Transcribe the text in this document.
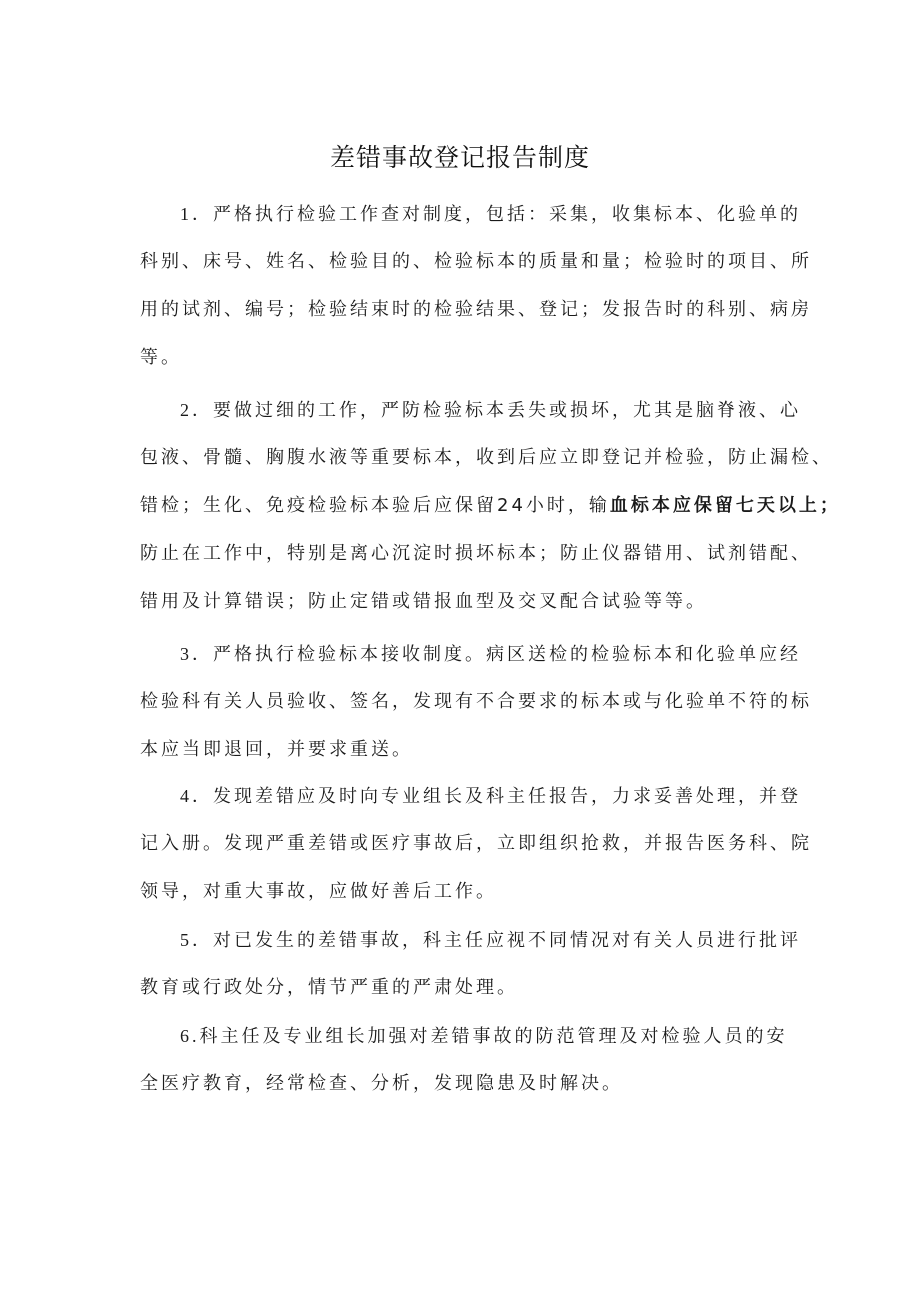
差错事故登记报告制度
1．严格执行检验工作查对制度，包括：采集，收集标本、化验单的
科别、床号、姓名、检验目的、检验标本的质量和量；检验时的项目、所
用的试剂、编号；检验结束时的检验结果、登记；发报告时的科别、病房
等。
2．要做过细的工作，严防检验标本丢失或损坏，尤其是脑脊液、心
包液、骨髓、胸腹水液等重要标本，收到后应立即登记并检验，防止漏检、
错检；生化、免疫检验标本验后应保留24小时，输血标本应保留七天以上；
防止在工作中，特别是离心沉淀时损坏标本；防止仪器错用、试剂错配、
错用及计算错误；防止定错或错报血型及交叉配合试验等等。
3．严格执行检验标本接收制度。病区送检的检验标本和化验单应经
检验科有关人员验收、签名，发现有不合要求的标本或与化验单不符的标
本应当即退回，并要求重送。
4．发现差错应及时向专业组长及科主任报告，力求妥善处理，并登
记入册。发现严重差错或医疗事故后，立即组织抢救，并报告医务科、院
领导，对重大事故，应做好善后工作。
5．对已发生的差错事故，科主任应视不同情况对有关人员进行批评
教育或行政处分，情节严重的严肃处理。
6.科主任及专业组长加强对差错事故的防范管理及对检验人员的安
全医疗教育，经常检查、分析，发现隐患及时解决。
